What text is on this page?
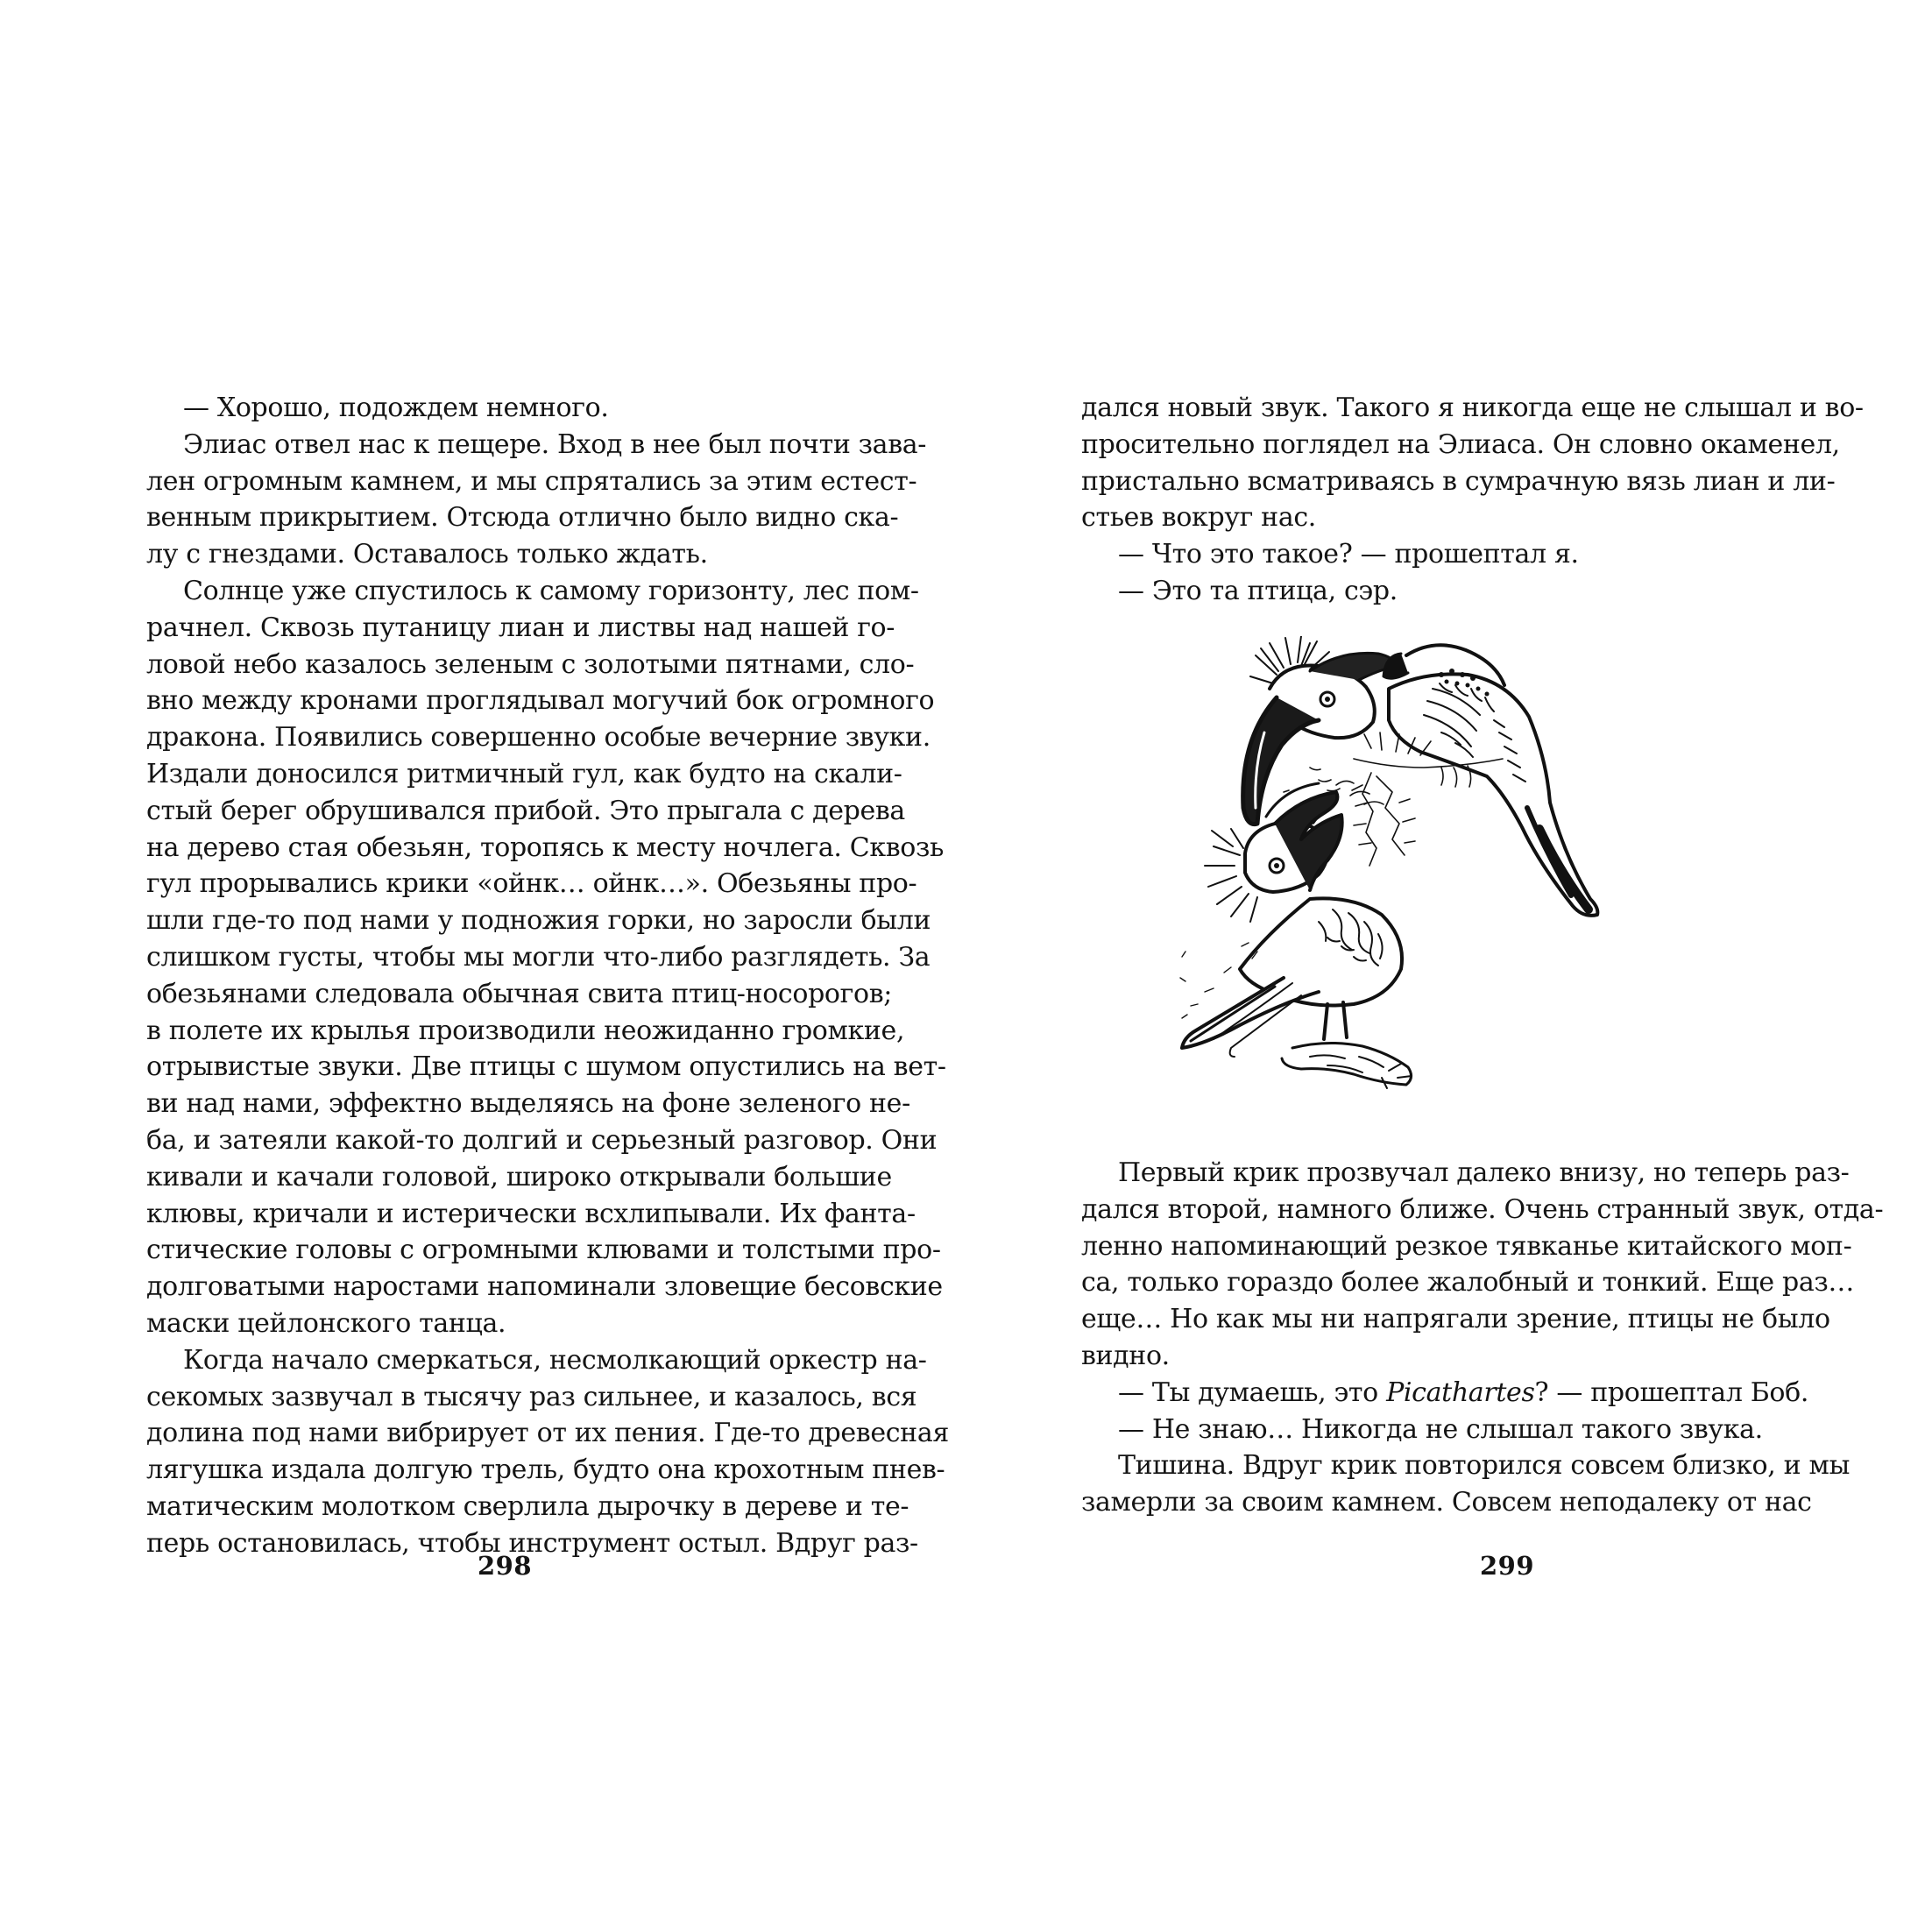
— Хорошо, подождем немного.
Элиас отвел нас к пещере. Вход в нее был почти зава-
лен огромным камнем, и мы спрятались за этим естест-
венным прикрытием. Отсюда отлично было видно ска-
лу с гнездами. Оставалось только ждать.
Солнце уже спустилось к самому горизонту, лес пом-
рачнел. Сквозь путаницу лиан и листвы над нашей го-
ловой небо казалось зеленым с золотыми пятнами, сло-
вно между кронами проглядывал могучий бок огромного
дракона. Появились совершенно особые вечерние звуки.
Издали доносился ритмичный гул, как будто на скали-
стый берег обрушивался прибой. Это прыгала с дерева
на дерево стая обезьян, торопясь к месту ночлега. Сквозь
гул прорывались крики «ойнк… ойнк…». Обезьяны про-
шли где-то под нами у подножия горки, но заросли были
слишком густы, чтобы мы могли что-либо разглядеть. За
обезьянами следовала обычная свита птиц-носорогов;
в полете их крылья производили неожиданно громкие,
отрывистые звуки. Две птицы с шумом опустились на вет-
ви над нами, эффектно выделяясь на фоне зеленого не-
ба, и затеяли какой-то долгий и серьезный разговор. Они
кивали и качали головой, широко открывали большие
клювы, кричали и истерически всхлипывали. Их фанта-
стические головы с огромными клювами и толстыми про-
долговатыми наростами напоминали зловещие бесовские
маски цейлонского танца.
Когда начало смеркаться, несмолкающий оркестр на-
секомых зазвучал в тысячу раз сильнее, и казалось, вся
долина под нами вибрирует от их пения. Где-то древесная
лягушка издала долгую трель, будто она крохотным пнев-
матическим молотком сверлила дырочку в дереве и те-
перь остановилась, чтобы инструмент остыл. Вдруг раз-
298
дался новый звук. Такого я никогда еще не слышал и во-
просительно поглядел на Элиаса. Он словно окаменел,
пристально всматриваясь в сумрачную вязь лиан и ли-
стьев вокруг нас.
— Что это такое? — прошептал я.
— Это та птица, сэр.
Первый крик прозвучал далеко внизу, но теперь раз-
дался второй, намного ближе. Очень странный звук, отда-
ленно напоминающий резкое тявканье китайского моп-
са, только гораздо более жалобный и тонкий. Еще раз…
еще… Но как мы ни напрягали зрение, птицы не было
видно.
— Ты думаешь, это Picathartes? — прошептал Боб.
— Не знаю… Никогда не слышал такого звука.
Тишина. Вдруг крик повторился совсем близко, и мы
замерли за своим камнем. Совсем неподалеку от нас
299
